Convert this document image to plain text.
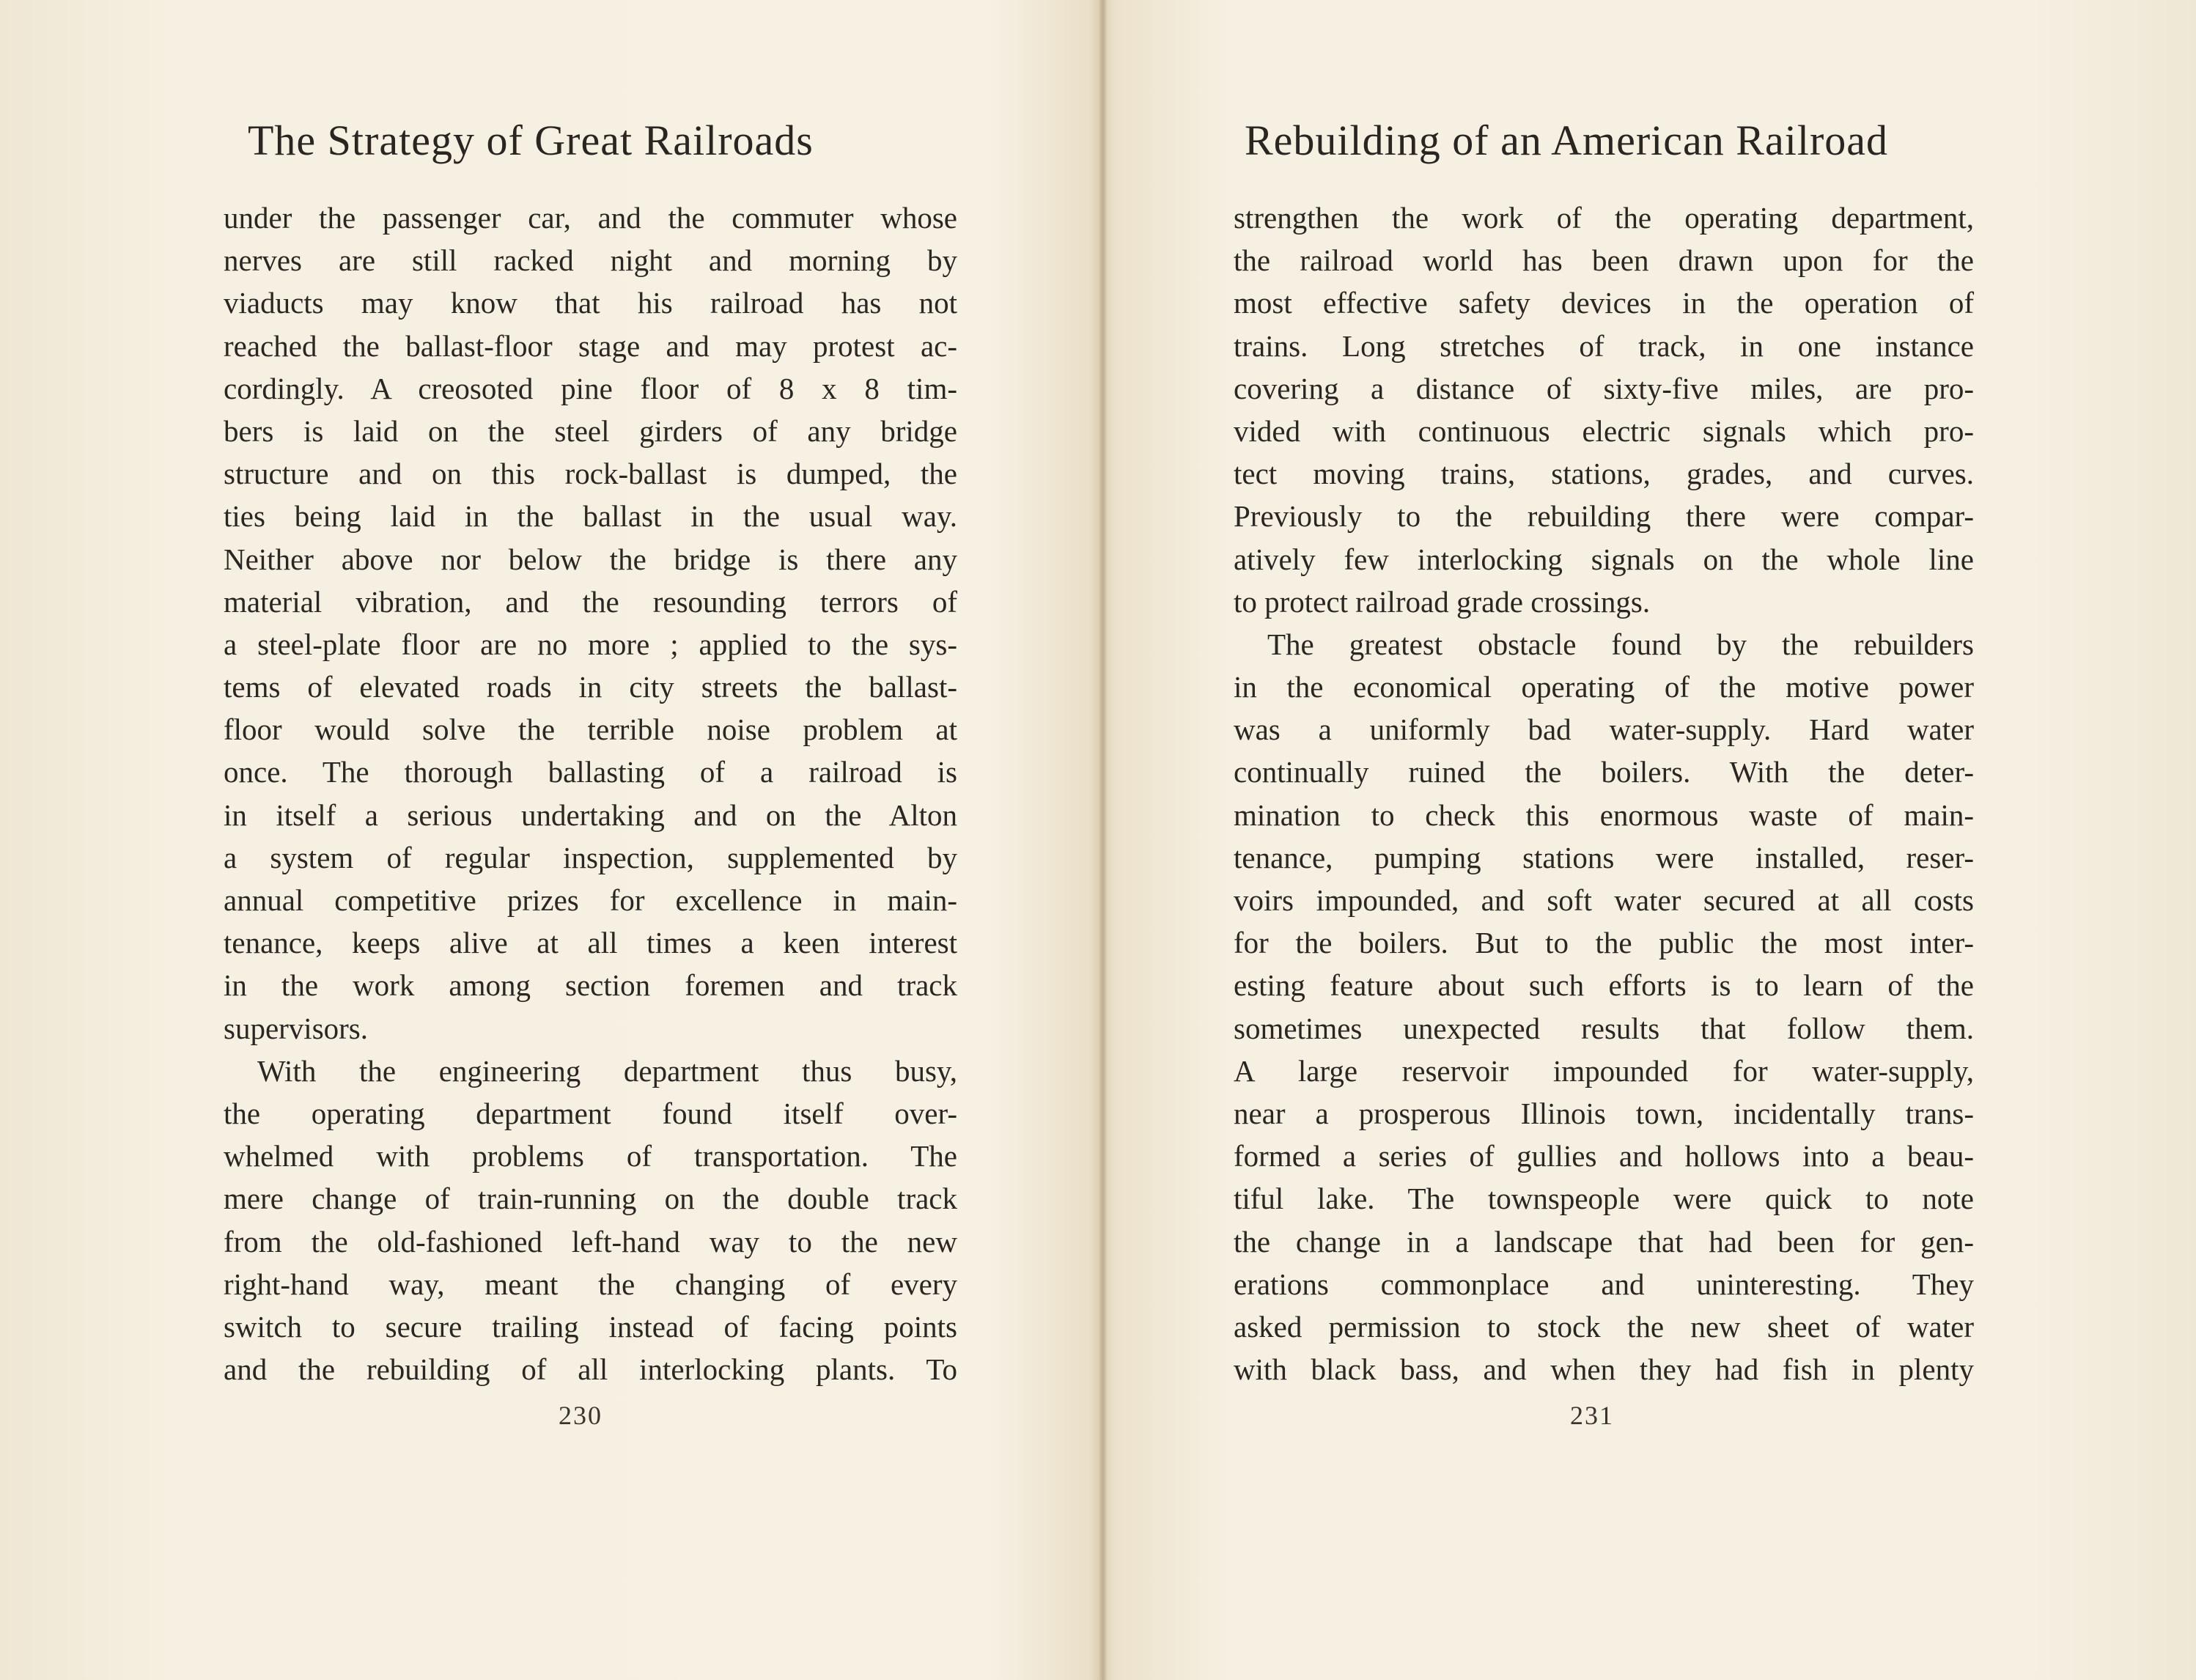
The Strategy of Great Railroads
under the passenger car, and the commuter whose
nerves are still racked night and morning by
viaducts may know that his railroad has not
reached the ballast-floor stage and may protest ac-
cordingly. A creosoted pine floor of 8 x 8 tim-
bers is laid on the steel girders of any bridge
structure and on this rock-ballast is dumped, the
ties being laid in the ballast in the usual way.
Neither above nor below the bridge is there any
material vibration, and the resounding terrors of
a steel-plate floor are no more ; applied to the sys-
tems of elevated roads in city streets the ballast-
floor would solve the terrible noise problem at
once. The thorough ballasting of a railroad is
in itself a serious undertaking and on the Alton
a system of regular inspection, supplemented by
annual competitive prizes for excellence in main-
tenance, keeps alive at all times a keen interest
in the work among section foremen and track
supervisors.
With the engineering department thus busy,
the operating department found itself over-
whelmed with problems of transportation. The
mere change of train-running on the double track
from the old-fashioned left-hand way to the new
right-hand way, meant the changing of every
switch to secure trailing instead of facing points
and the rebuilding of all interlocking plants. To
230
Rebuilding of an American Railroad
strengthen the work of the operating department,
the railroad world has been drawn upon for the
most effective safety devices in the operation of
trains. Long stretches of track, in one instance
covering a distance of sixty-five miles, are pro-
vided with continuous electric signals which pro-
tect moving trains, stations, grades, and curves.
Previously to the rebuilding there were compar-
atively few interlocking signals on the whole line
to protect railroad grade crossings.
The greatest obstacle found by the rebuilders
in the economical operating of the motive power
was a uniformly bad water-supply. Hard water
continually ruined the boilers. With the deter-
mination to check this enormous waste of main-
tenance, pumping stations were installed, reser-
voirs impounded, and soft water secured at all costs
for the boilers. But to the public the most inter-
esting feature about such efforts is to learn of the
sometimes unexpected results that follow them.
A large reservoir impounded for water-supply,
near a prosperous Illinois town, incidentally trans-
formed a series of gullies and hollows into a beau-
tiful lake. The townspeople were quick to note
the change in a landscape that had been for gen-
erations commonplace and uninteresting. They
asked permission to stock the new sheet of water
with black bass, and when they had fish in plenty
231
